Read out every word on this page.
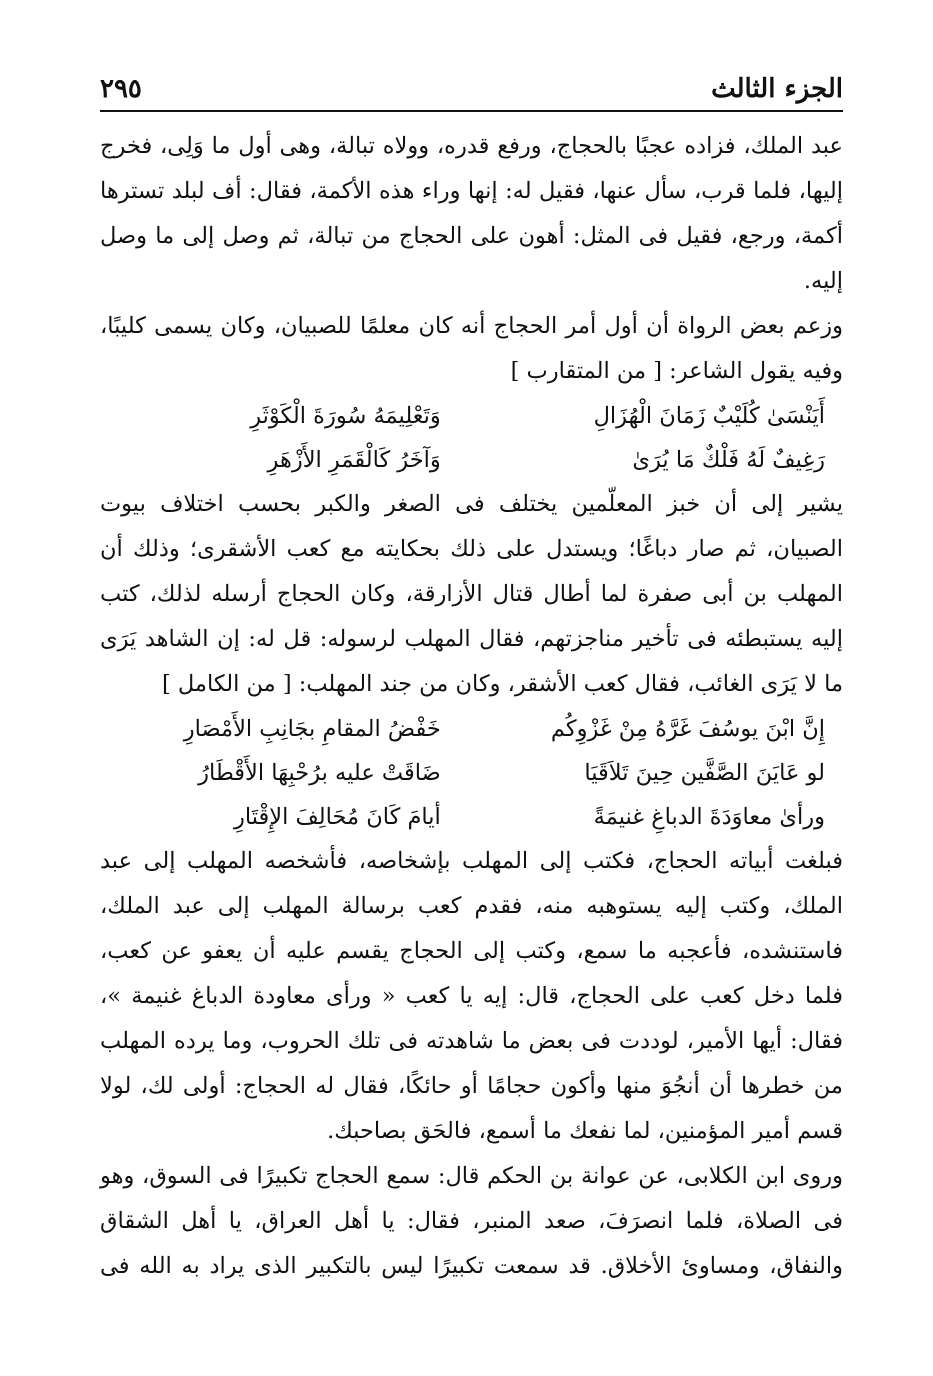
الجزء الثالث
٢٩٥

عبد الملك، فزاده عجبًا بالحجاج، ورفع قدره، وولاه تبالة، وهى أول ما وَلِى، فخرج إليها، فلما قرب، سأل عنها، فقيل له: إنها وراء هذه الأكمة، فقال: أف لبلد تسترها أكمة، ورجع، فقيل فى المثل: أهون على الحجاج من تبالة، ثم وصل إلى ما وصل إليه.

وزعم بعض الرواة أن أول أمر الحجاج أنه كان معلمًا للصبيان، وكان يسمى كليبًا، وفيه يقول الشاعر: [ من المتقارب ]

أَيَنْسَىٰ كُلَيْبٌ زَمَانَ الْهُزَالِ
وَتَعْلِيمَهُ سُورَةَ الْكَوْثَرِ
رَغِيفٌ لَهُ فَلْكٌ مَا يُرَىٰ
وَآخَرُ كَالْقَمَرِ الأَزْهَرِ

يشير إلى أن خبز المعلّمين يختلف فى الصغر والكبر بحسب اختلاف بيوت الصبيان، ثم صار دباغًا؛ ويستدل على ذلك بحكايته مع كعب الأشقرى؛ وذلك أن المهلب بن أبى صفرة لما أطال قتال الأزارقة، وكان الحجاج أرسله لذلك، كتب إليه يستبطئه فى تأخير مناجزتهم، فقال المهلب لرسوله: قل له: إن الشاهد يَرَى ما لا يَرَى الغائب، فقال كعب الأشقر، وكان من جند المهلب: [ من الكامل ]

إِنَّ ابْنَ يوسُفَ غَرَّهُ مِنْ غَزْوِكُم
خَفْضُ المقامِ بجَانِبِ الأَمْصَارِ
لو عَايَنَ الصَّفَّين حِينَ تَلاَقَيَا
ضَاقَتْ عليه برُحْبِهَا الأَقْطَارُ
ورأىٰ معاوَدَةَ الدباغِ غنيمَةً
أيامَ كَانَ مُحَالِفَ الإِقْتَارِ

فبلغت أبياته الحجاج، فكتب إلى المهلب بإشخاصه، فأشخصه المهلب إلى عبد الملك، وكتب إليه يستوهبه منه، فقدم كعب برسالة المهلب إلى عبد الملك، فاستنشده، فأعجبه ما سمع، وكتب إلى الحجاج يقسم عليه أن يعفو عن كعب، فلما دخل كعب على الحجاج، قال: إيه يا كعب « ورأى معاودة الدباغ غنيمة »، فقال: أيها الأمير، لوددت فى بعض ما شاهدته فى تلك الحروب، وما يرده المهلب من خطرها أن أنجُوَ منها وأكون حجامًا أو حائكًا، فقال له الحجاج: أولى لك، لولا قسم أمير المؤمنين، لما نفعك ما أسمع، فالحَق بصاحبك.

وروى ابن الكلابى، عن عوانة بن الحكم قال: سمع الحجاج تكبيرًا فى السوق، وهو فى الصلاة، فلما انصرَفَ، صعد المنبر، فقال: يا أهل العراق، يا أهل الشقاق والنفاق، ومساوئ الأخلاق. قد سمعت تكبيرًا ليس بالتكبير الذى يراد به الله فى
